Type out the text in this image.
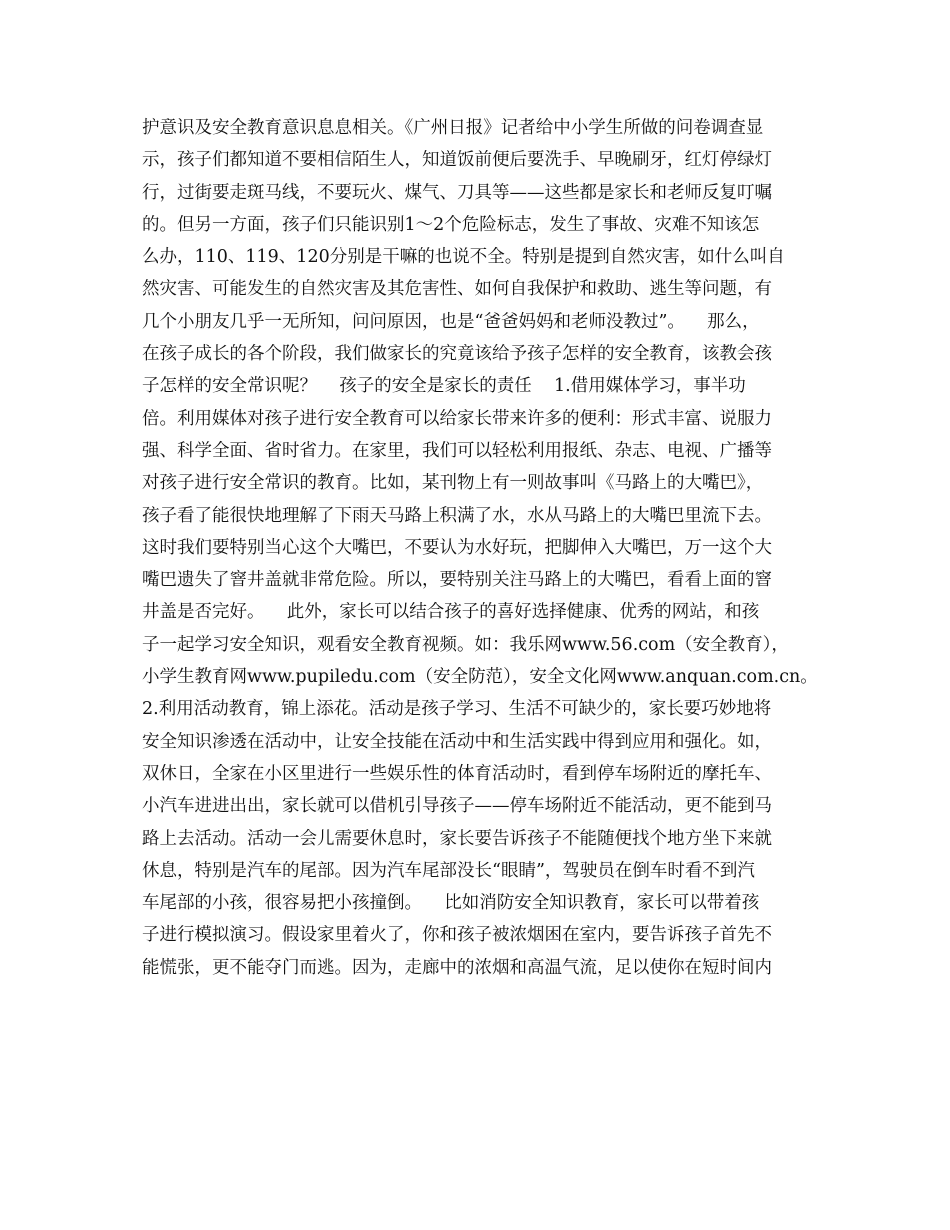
护意识及安全教育意识息息相关。《广州日报》记者给中小学生所做的问卷调查显
示，孩子们都知道不要相信陌生人，知道饭前便后要洗手、早晚刷牙，红灯停绿灯
行，过街要走斑马线，不要玩火、煤气、刀具等——这些都是家长和老师反复叮嘱
的。但另一方面，孩子们只能识别1～2个危险标志，发生了事故、灾难不知该怎
么办，110、119、120分别是干嘛的也说不全。特别是提到自然灾害，如什么叫自
然灾害、可能发生的自然灾害及其危害性、如何自我保护和救助、逃生等问题，有
几个小朋友几乎一无所知，问问原因，也是“爸爸妈妈和老师没教过”。    那么，
在孩子成长的各个阶段，我们做家长的究竟该给予孩子怎样的安全教育，该教会孩
子怎样的安全常识呢？    孩子的安全是家长的责任    1.借用媒体学习，事半功
倍。利用媒体对孩子进行安全教育可以给家长带来许多的便利：形式丰富、说服力
强、科学全面、省时省力。在家里，我们可以轻松利用报纸、杂志、电视、广播等
对孩子进行安全常识的教育。比如，某刊物上有一则故事叫《马路上的大嘴巴》，
孩子看了能很快地理解了下雨天马路上积满了水，水从马路上的大嘴巴里流下去。
这时我们要特别当心这个大嘴巴，不要认为水好玩，把脚伸入大嘴巴，万一这个大
嘴巴遗失了窨井盖就非常危险。所以，要特别关注马路上的大嘴巴，看看上面的窨
井盖是否完好。    此外，家长可以结合孩子的喜好选择健康、优秀的网站，和孩
子一起学习安全知识，观看安全教育视频。如：我乐网www.56.com（安全教育），
小学生教育网www.pupiledu.com（安全防范），安全文化网www.anquan.com.cn。
2.利用活动教育，锦上添花。活动是孩子学习、生活不可缺少的，家长要巧妙地将
安全知识渗透在活动中，让安全技能在活动中和生活实践中得到应用和强化。如，
双休日，全家在小区里进行一些娱乐性的体育活动时，看到停车场附近的摩托车、
小汽车进进出出，家长就可以借机引导孩子——停车场附近不能活动，更不能到马
路上去活动。活动一会儿需要休息时，家长要告诉孩子不能随便找个地方坐下来就
休息，特别是汽车的尾部。因为汽车尾部没长“眼睛”，驾驶员在倒车时看不到汽
车尾部的小孩，很容易把小孩撞倒。    比如消防安全知识教育，家长可以带着孩
子进行模拟演习。假设家里着火了，你和孩子被浓烟困在室内，要告诉孩子首先不
能慌张，更不能夺门而逃。因为，走廊中的浓烟和高温气流，足以使你在短时间内
